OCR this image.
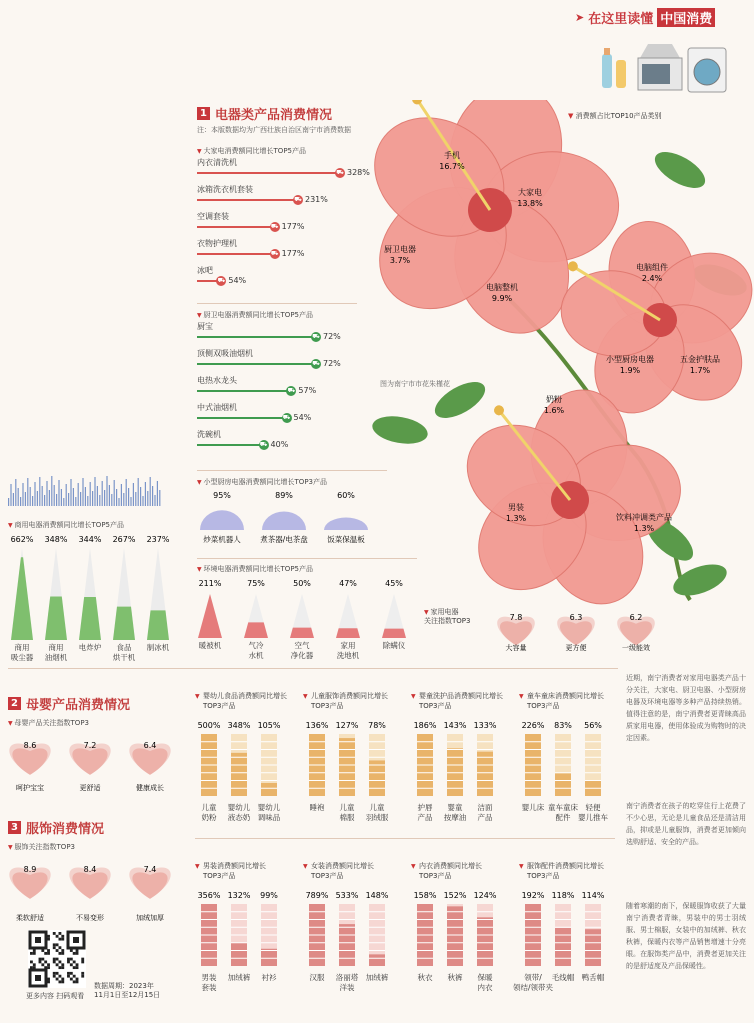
➤ 在这里读懂 中国消费
1 电器类产品消费情况
注：本版数据均为广西壮族自治区南宁市消费数据
▼ 大家电消费额同比增长TOP5产品
内衣清洗机
⛟ 328%
冰箱洗衣机套装
⛟ 231%
空调套装
⛟ 177%
衣物护理机
⛟ 177%
冰吧
⛟ 54%
▼ 厨卫电器消费额同比增长TOP5产品
厨宝
⛟ 72%
顶侧双吸油烟机
⛟ 72%
电热水龙头
⛟ 57%
中式油烟机
⛟ 54%
洗碗机
⛟ 40%
▼ 小型厨房电器消费额同比增长TOP3产品
95%
炒菜机器人
89%
煮茶器/电茶盘
60%
饭菜保温板
▼ 商用电器消费额同比增长TOP5产品
662%
商用吸尘器
348%
商用油烟机
344%
电炸炉
267%
食品烘干机
237%
制冰机
▼ 环境电器消费额同比增长TOP5产品
211%
暖被机
75%
气冷水机
50%
空气净化器
47%
家用洗地机
45%
除螨仪
▼ 家用电器
关注指数TOP3	7.8
大容量
6.3
更方便
6.2
一级能效
手机
16.7%
大家电
13.8%
厨卫电器
3.7%
电脑整机
9.9%
电脑组件
2.4%
小型厨房电器
1.9%
五金护肤品
1.7%
奶粉
1.6%
男装
1.3%	饮料冲调类产品
1.3%
▼ 消费额占比TOP10产品类别
图为南宁市市花朱槿花
近期，南宁消费者对家用电器类产品十分关注，大家电、厨卫电器、小型厨房电器及环境电器等多种产品持续热销。值得注意的是，南宁消费者更青睐高品质家用电器，使用体验成为购物时的决定因素。
2 母婴产品消费情况
▼ 母婴产品关注指数TOP3
8.6
呵护宝宝
7.2
更舒适
6.4
健康成长
3 服饰消费情况
▼ 服饰关注指数TOP3
8.9
柔软舒适
8.4
不易变形
7.4
加绒加厚
婴幼儿食品消费额同比增长 TOP3产品
▼
500%
儿童奶粉
348%
婴幼儿液态奶
105%
婴幼儿调味品
儿童服饰消费额同比增长 TOP3产品
▼
136%
睡袍
127%
儿童棉服
78%
儿童羽绒服
婴童洗护品消费额同比增长 TOP3产品
▼
186%
护唇产品
143%
婴童按摩油
133%
洁面产品
童车童床消费额同比增长 TOP3产品
▼
226%
婴儿床
83%
童车童床配件
56%
轻便婴儿推车
男装消费额同比增长 TOP3产品
▼
356%
男装套装
132%
加绒裤
99%
衬衫
女装消费额同比增长 TOP3产品
▼
789%
汉服
533%
洛丽塔洋装
148%
加绒裤
内衣消费额同比增长 TOP3产品
▼
158%
秋衣
152%
秋裤
124%
保暖内衣
服饰配件消费额同比增长 TOP3产品
▼
192%
领带/领结/领带夹
118%
毛线帽
114%
鸭舌帽
南宁消费者在孩子的吃穿住行上花费了不少心思，无论是儿童食品还是清洁用品，抑或是儿童服饰，消费者更加倾向选购舒适、安全的产品。
随着寒潮的南下，保暖服饰收获了大量南宁消费者青睐，男装中的男士羽绒服、男士棉服，女装中的加绒裤、秋衣秋裤，保暖内衣等产品销售增速十分亮眼。在服饰类产品中，消费者更加关注的是舒适度及产品保暖性。
更多内容 扫码观看
数据周期：2023年
11月1日至12月15日
